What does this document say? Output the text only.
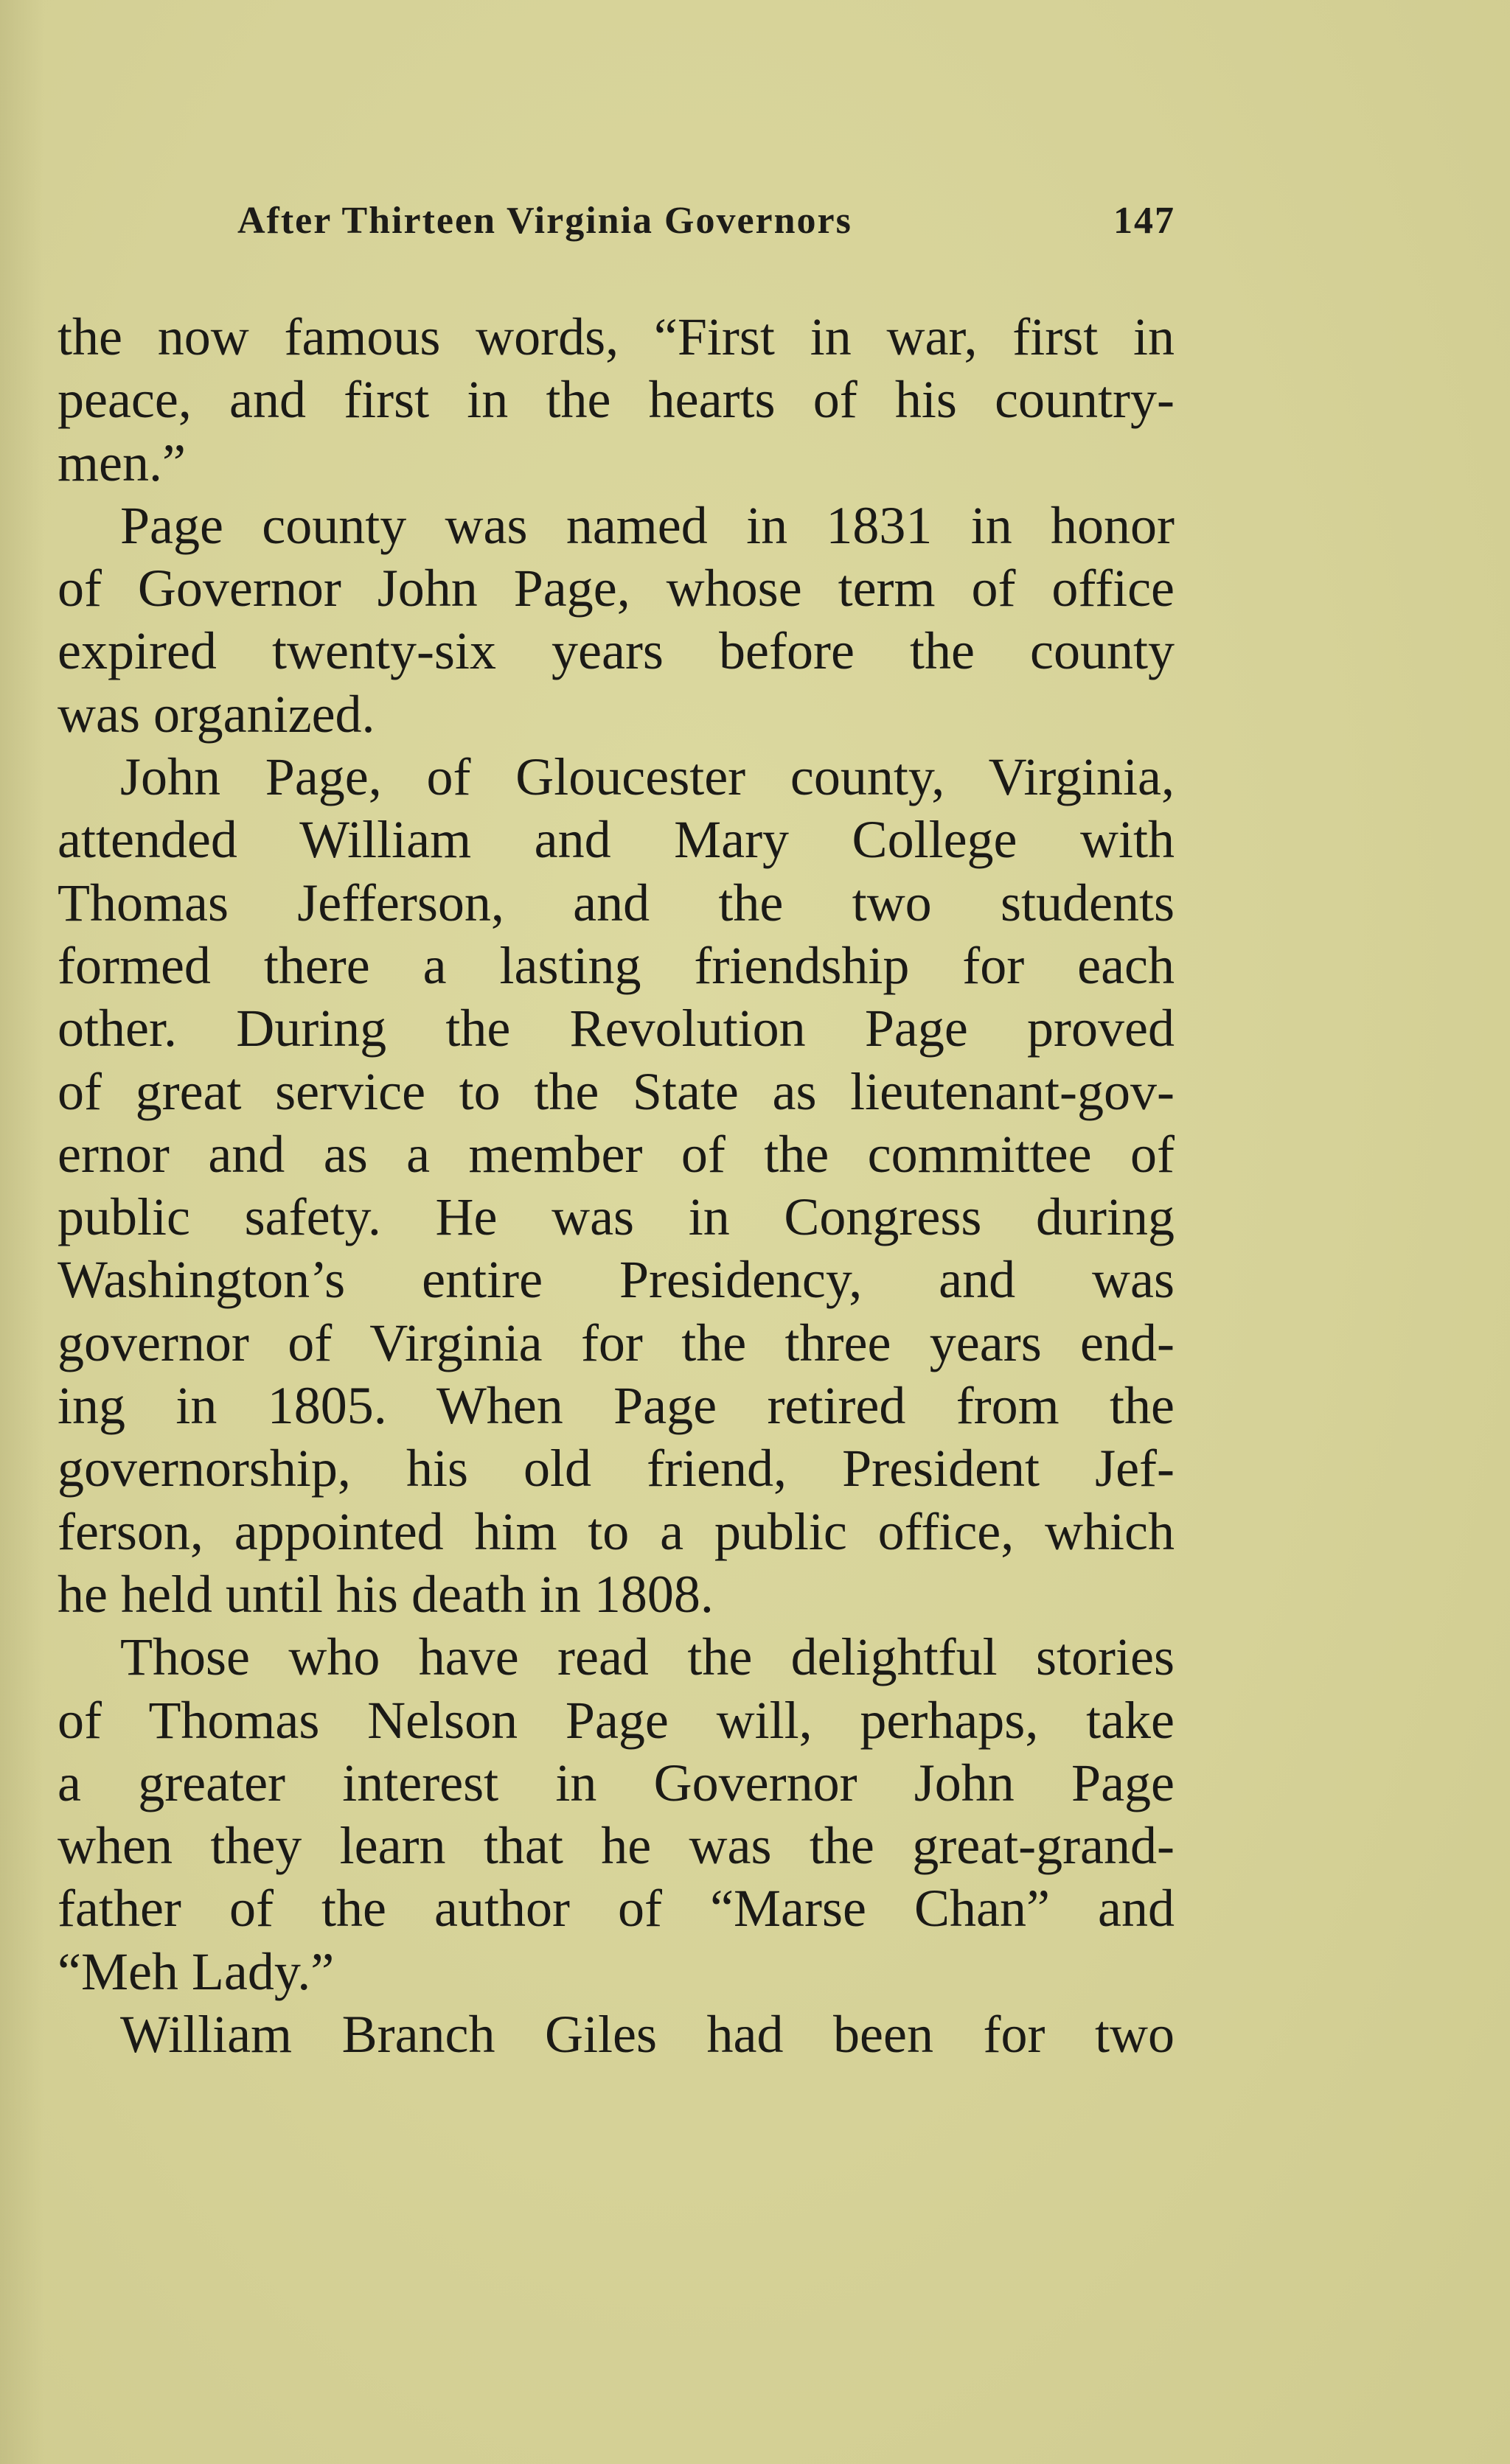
After Thirteen Virginia Governors	147
the now famous words, “First in war, first in
peace, and first in the hearts of his country-
men.”
Page county was named in 1831 in honor
of Governor John Page, whose term of office
expired twenty-six years before the county
was organized.
John Page, of Gloucester county, Virginia,
attended William and Mary College with
Thomas Jefferson, and the two students
formed there a lasting friendship for each
other. During the Revolution Page proved
of great service to the State as lieutenant-gov-
ernor and as a member of the committee of
public safety. He was in Congress during
Washington’s entire Presidency, and was
governor of Virginia for the three years end-
ing in 1805. When Page retired from the
governorship, his old friend, President Jef-
ferson, appointed him to a public office, which
he held until his death in 1808.
Those who have read the delightful stories
of Thomas Nelson Page will, perhaps, take
a greater interest in Governor John Page
when they learn that he was the great-grand-
father of the author of “Marse Chan” and
“Meh Lady.”
William Branch Giles had been for two
